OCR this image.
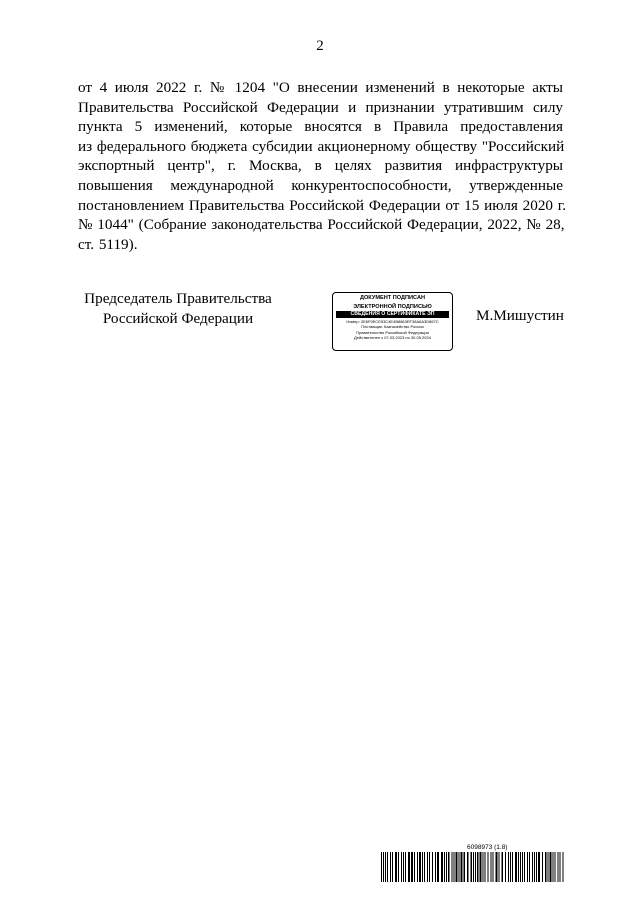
2
от 4 июля 2022 г. № 1204 "О внесении изменений в некоторые акты
Правительства Российской Федерации и признании утратившим силу
пункта 5 изменений, которые вносятся в Правила предоставления
из федерального бюджета субсидии акционерному обществу "Российский
экспортный центр", г. Москва, в целях развития инфраструктуры
повышения международной конкурентоспособности, утвержденные
постановлением Правительства Российской Федерации от 15 июля 2020 г.
№ 1044" (Собрание законодательства Российской Федерации, 2022, № 28,
ст. 5119).
Председатель Правительства
Российской Федерации
ДОКУМЕНТ ПОДПИСАН
ЭЛЕКТРОННОЙ ПОДПИСЬЮ
СВЕДЕНИЯ О СЕРТИФИКАТЕ ЭП
Номер: 2E6F9ECE53C4E4B8863EF38A6A3D867C
Поставщик: Казначейство России
Правительство Российской Федерации
Действителен с 07.03.2023 по 30.05.2024
М.Мишустин
6098973 (1.8)
